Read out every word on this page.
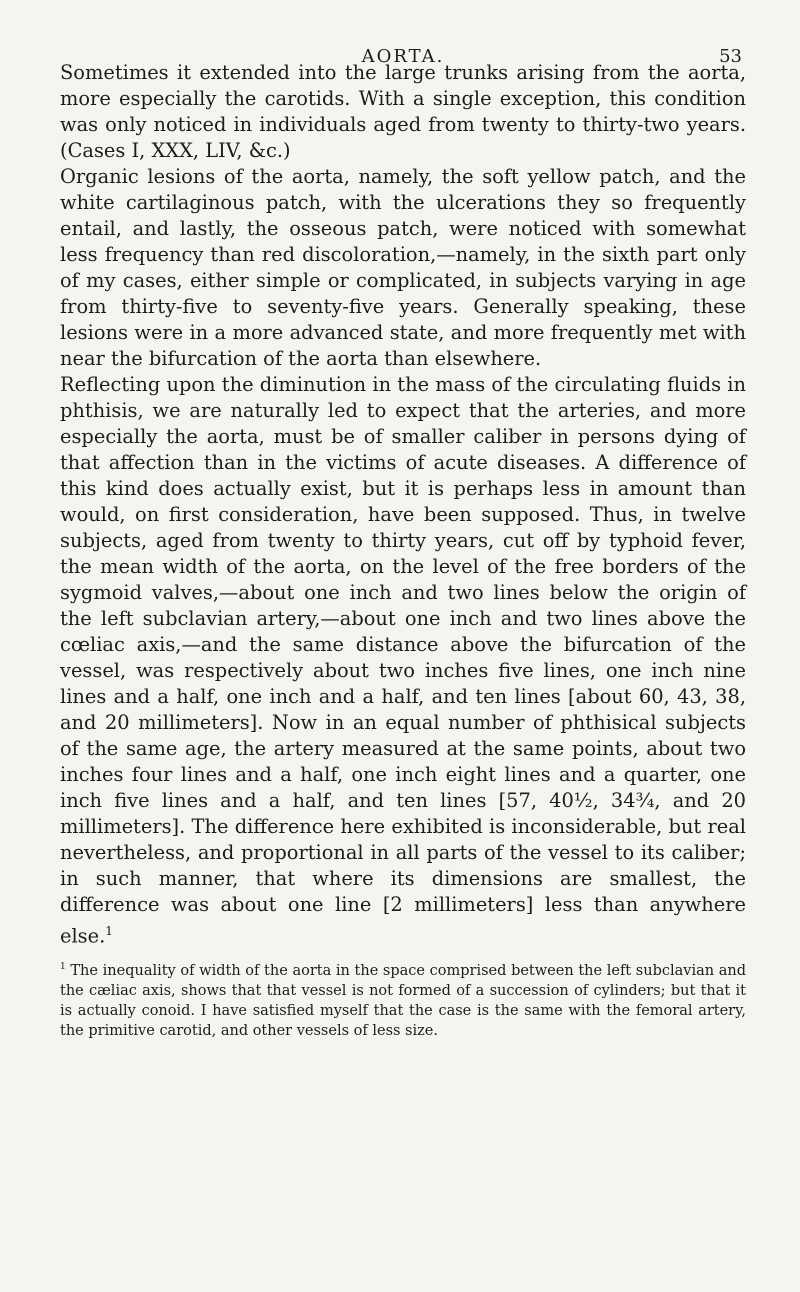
AORTA.	53

Sometimes it extended into the large trunks arising from the aorta, more especially the carotids. With a single exception, this condition was only noticed in individuals aged from twenty to thirty-two years. (Cases I, XXX, LIV, &c.)

Organic lesions of the aorta, namely, the soft yellow patch, and the white cartilaginous patch, with the ulcerations they so frequently entail, and lastly, the osseous patch, were noticed with somewhat less frequency than red discoloration,—namely, in the sixth part only of my cases, either simple or complicated, in subjects varying in age from thirty-five to seventy-five years. Generally speaking, these lesions were in a more advanced state, and more frequently met with near the bifurcation of the aorta than elsewhere.

Reflecting upon the diminution in the mass of the circulating fluids in phthisis, we are naturally led to expect that the arteries, and more especially the aorta, must be of smaller caliber in persons dying of that affection than in the victims of acute diseases. A difference of this kind does actually exist, but it is perhaps less in amount than would, on first consideration, have been supposed. Thus, in twelve subjects, aged from twenty to thirty years, cut off by typhoid fever, the mean width of the aorta, on the level of the free borders of the sygmoid valves,—about one inch and two lines below the origin of the left subclavian artery,—about one inch and two lines above the cœliac axis,—and the same distance above the bifurcation of the vessel, was respectively about two inches five lines, one inch nine lines and a half, one inch and a half, and ten lines [about 60, 43, 38, and 20 millimeters]. Now in an equal number of phthisical subjects of the same age, the artery measured at the same points, about two inches four lines and a half, one inch eight lines and a quarter, one inch five lines and a half, and ten lines [57, 40½, 34¾, and 20 millimeters]. The difference here exhibited is inconsiderable, but real nevertheless, and proportional in all parts of the vessel to its caliber; in such manner, that where its dimensions are smallest, the difference was about one line [2 millimeters] less than anywhere else.$^1$

$^1$ The inequality of width of the aorta in the space comprised between the left subclavian and the cæliac axis, shows that that vessel is not formed of a succession of cylinders; but that it is actually conoid. I have satisfied myself that the case is the same with the femoral artery, the primitive carotid, and other vessels of less size.
